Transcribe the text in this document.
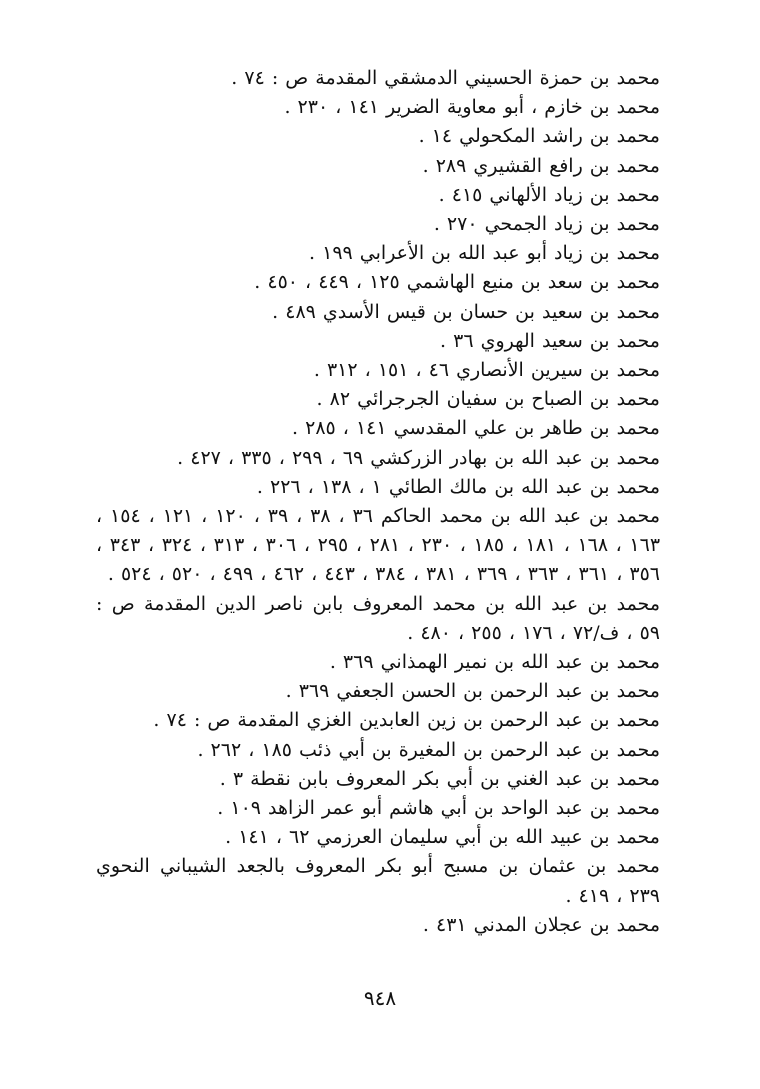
محمد بن حمزة الحسيني الدمشقي المقدمة ص : ٧٤ .
محمد بن خازم ، أبو معاوية الضرير ١٤١ ، ٢٣٠ .
محمد بن راشد المكحولي ١٤ .
محمد بن رافع القشيري ٢٨٩ .
محمد بن زياد الألهاني ٤١٥ .
محمد بن زياد الجمحي ٢٧٠ .
محمد بن زياد أبو عبد الله بن الأعرابي ١٩٩ .
محمد بن سعد بن منيع الهاشمي ١٢٥ ، ٤٤٩ ، ٤٥٠ .
محمد بن سعيد بن حسان بن قيس الأسدي ٤٨٩ .
محمد بن سعيد الهروي ٣٦ .
محمد بن سيرين الأنصاري ٤٦ ، ١٥١ ، ٣١٢ .
محمد بن الصباح بن سفيان الجرجرائي ٨٢ .
محمد بن طاهر بن علي المقدسي ١٤١ ، ٢٨٥ .
محمد بن عبد الله بن بهادر الزركشي ٦٩ ، ٢٩٩ ، ٣٣٥ ، ٤٢٧ .
محمد بن عبد الله بن مالك الطائي ١ ، ١٣٨ ، ٢٢٦ .
محمد بن عبد الله بن محمد الحاكم ٣٦ ، ٣٨ ، ٣٩ ، ١٢٠ ، ١٢١ ، ١٥٤ ، ١٦٣ ، ١٦٨ ، ١٨١ ، ١٨٥ ، ٢٣٠ ، ٢٨١ ، ٢٩٥ ، ٣٠٦ ، ٣١٣ ، ٣٢٤ ، ٣٤٣ ، ٣٥٦ ، ٣٦١ ، ٣٦٣ ، ٣٦٩ ، ٣٨١ ، ٣٨٤ ، ٤٤٣ ، ٤٦٢ ، ٤٩٩ ، ٥٢٠ ، ٥٢٤ .
محمد بن عبد الله بن محمد المعروف بابن ناصر الدين المقدمة ص : ٥٩ ، ف/٧٢ ، ١٧٦ ، ٢٥٥ ، ٤٨٠ .
محمد بن عبد الله بن نمير الهمذاني ٣٦٩ .
محمد بن عبد الرحمن بن الحسن الجعفي ٣٦٩ .
محمد بن عبد الرحمن بن زين العابدين الغزي المقدمة ص : ٧٤ .
محمد بن عبد الرحمن بن المغيرة بن أبي ذئب ١٨٥ ، ٢٦٢ .
محمد بن عبد الغني بن أبي بكر المعروف بابن نقطة ٣ .
محمد بن عبد الواحد بن أبي هاشم أبو عمر الزاهد ١٠٩ .
محمد بن عبيد الله بن أبي سليمان العرزمي ٦٢ ، ١٤١ .
محمد بن عثمان بن مسبح أبو بكر المعروف بالجعد الشيباني النحوي ٢٣٩ ، ٤١٩ .
محمد بن عجلان المدني ٤٣١ .
٩٤٨
